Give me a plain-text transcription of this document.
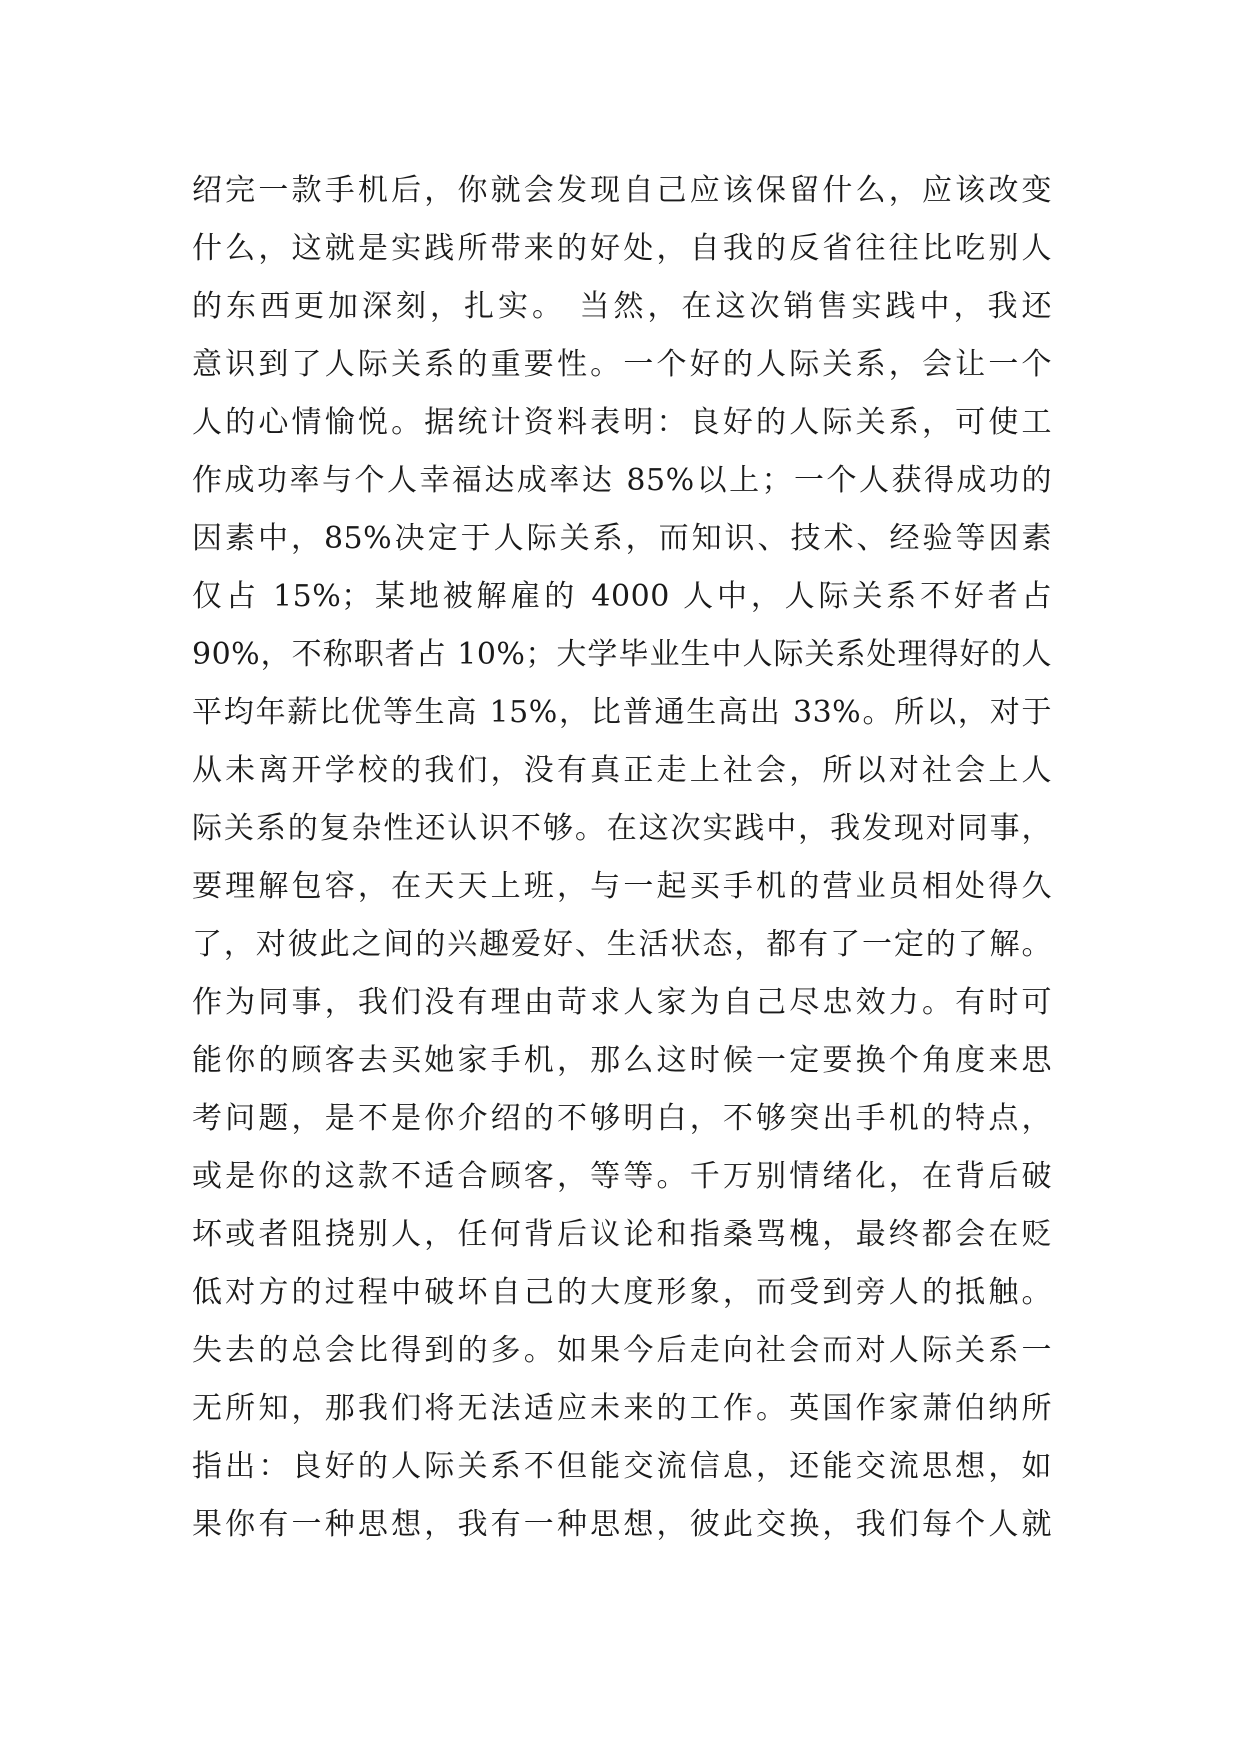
绍完一款手机后，你就会发现自己应该保留什么，应该改变
什么，这就是实践所带来的好处，自我的反省往往比吃别人
的东西更加深刻，扎实。 当然，在这次销售实践中，我还
意识到了人际关系的重要性。一个好的人际关系，会让一个
人的心情愉悦。据统计资料表明：良好的人际关系，可使工
作成功率与个人幸福达成率达 85%以上；一个人获得成功的
因素中，85%决定于人际关系，而知识、技术、经验等因素
仅占 15%；某地被解雇的 4000 人中，人际关系不好者占
90%，不称职者占 10%；大学毕业生中人际关系处理得好的人
平均年薪比优等生高 15%，比普通生高出 33%。所以，对于
从未离开学校的我们，没有真正走上社会，所以对社会上人
际关系的复杂性还认识不够。在这次实践中，我发现对同事，
要理解包容，在天天上班，与一起买手机的营业员相处得久
了，对彼此之间的兴趣爱好、生活状态，都有了一定的了解。
作为同事，我们没有理由苛求人家为自己尽忠效力。有时可
能你的顾客去买她家手机，那么这时候一定要换个角度来思
考问题，是不是你介绍的不够明白，不够突出手机的特点，
或是你的这款不适合顾客，等等。千万别情绪化，在背后破
坏或者阻挠别人，任何背后议论和指桑骂槐，最终都会在贬
低对方的过程中破坏自己的大度形象，而受到旁人的抵触。
失去的总会比得到的多。如果今后走向社会而对人际关系一
无所知，那我们将无法适应未来的工作。英国作家萧伯纳所
指出：良好的人际关系不但能交流信息，还能交流思想，如
果你有一种思想，我有一种思想，彼此交换，我们每个人就
